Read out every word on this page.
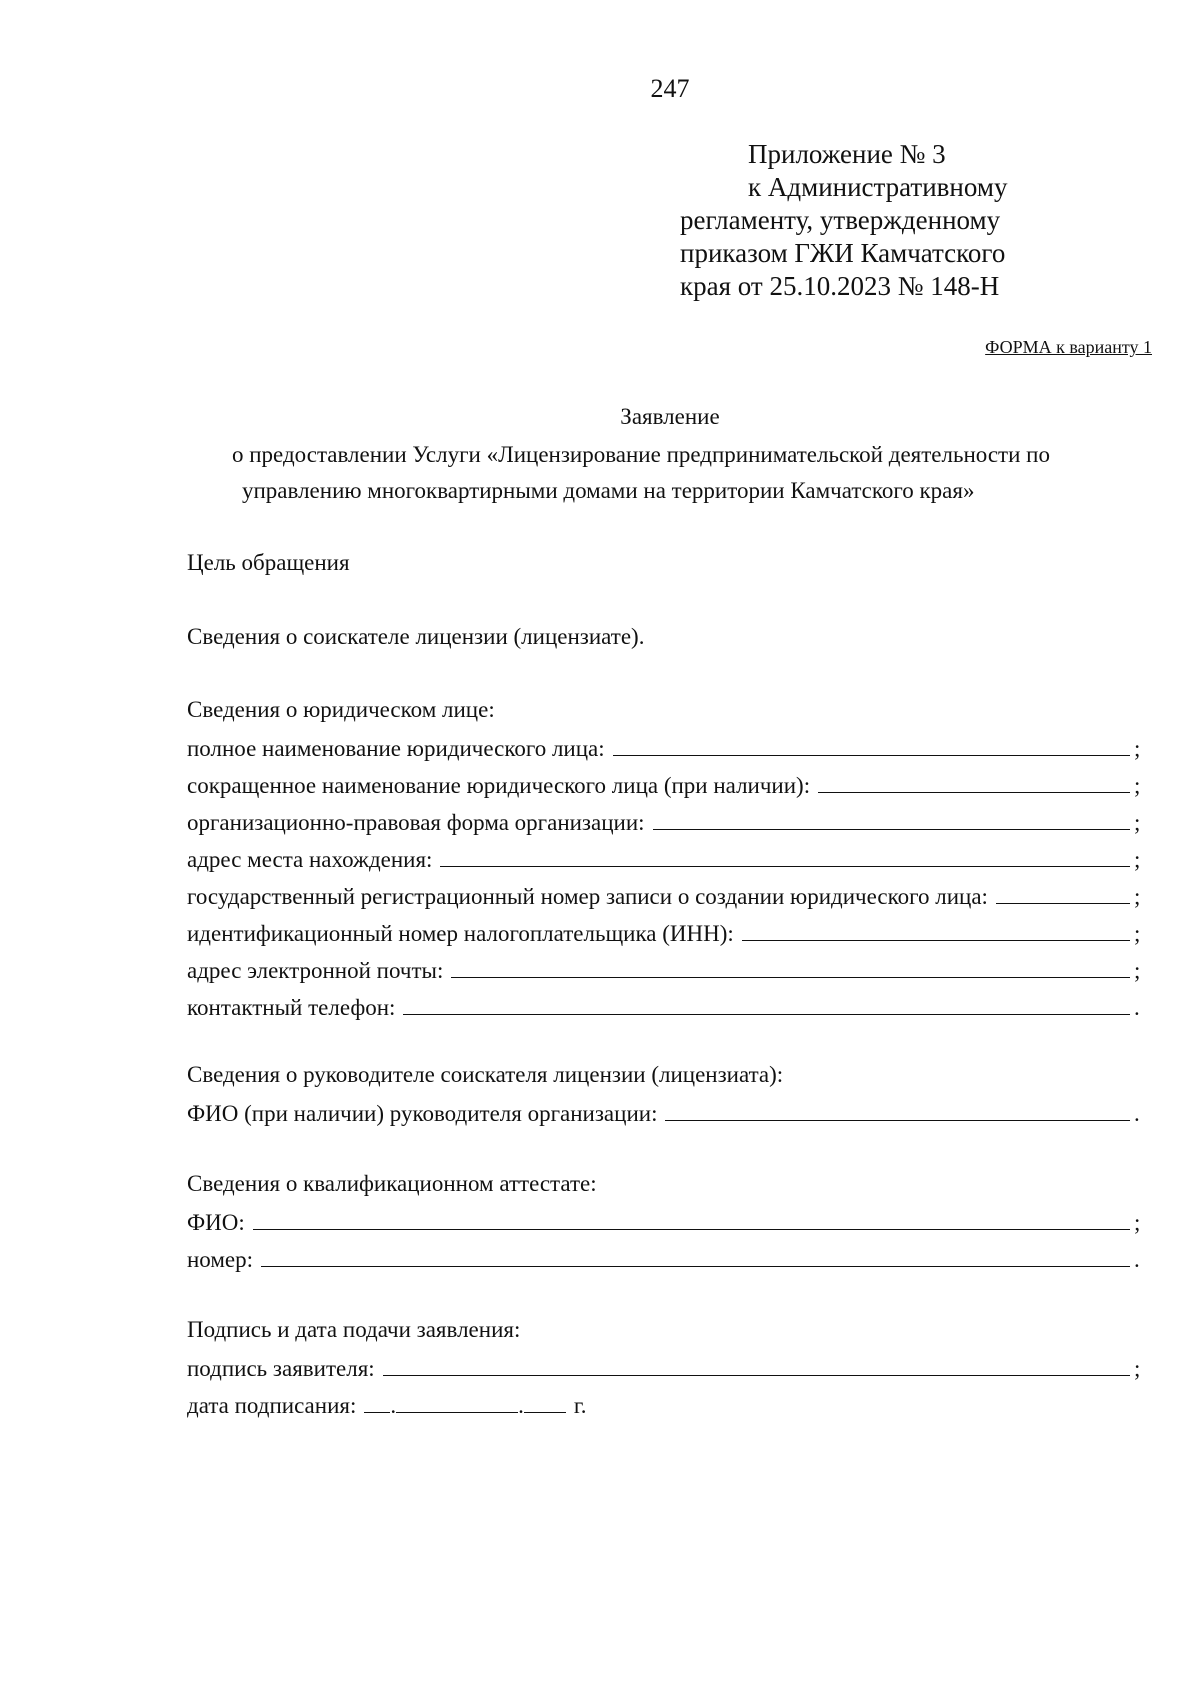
247
Приложение № 3
к Административному
регламенту, утвержденному
приказом ГЖИ Камчатского
края от 25.10.2023 № 148-Н
ФОРМА к варианту 1
Заявление
о предоставлении Услуги «Лицензирование предпринимательской деятельности по
управлению многоквартирными домами на территории Камчатского края»
Цель обращения
Сведения о соискателе лицензии (лицензиате).
Сведения о юридическом лице:
полное наименование юридического лица:	;
сокращенное наименование юридического лица (при наличии):	;
организационно-правовая форма организации:	;
адрес места нахождения:	;
государственный регистрационный номер записи о создании юридического лица:	;
идентификационный номер налогоплательщика (ИНН):	;
адрес электронной почты:	;
контактный телефон:	.
Сведения о руководителе соискателя лицензии (лицензиата):
ФИО (при наличии) руководителя организации:	.
Сведения о квалификационном аттестате:
ФИО:	;
номер:	.
Подпись и дата подачи заявления:
подпись заявителя:	;
дата подписания: .	. г.
